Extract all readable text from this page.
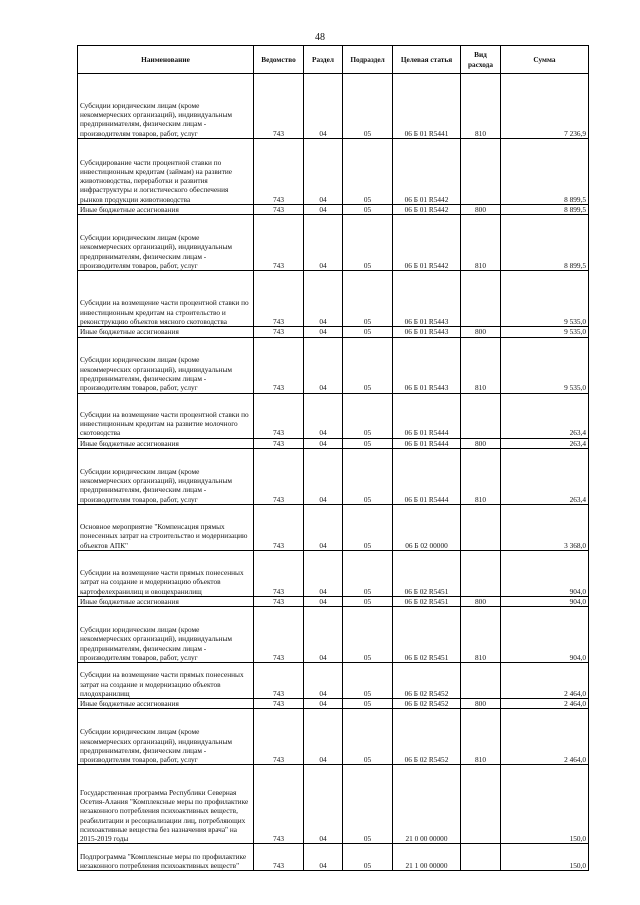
48
Наименование	Ведомство	Раздел	Подраздел	Целевая статья	Вид расхода	Сумма
Субсидии юридическим лицам (кроме некоммерческих организаций), индивидуальным предпринимателям, физическим лицам - производителям товаров, работ, услуг	743	04	05	06 Б 01 R5441	810	7 236,9
Субсидирование части процентной ставки по инвестиционным кредитам (займам) на развитие животноводства, переработки и развития инфраструктуры и логистического обеспечения рынков продукции животноводства	743	04	05	06 Б 01 R5442		8 899,5
Иные бюджетные ассигнования	743	04	05	06 Б 01 R5442	800	8 899,5
Субсидии юридическим лицам (кроме некоммерческих организаций), индивидуальным предпринимателям, физическим лицам - производителям товаров, работ, услуг	743	04	05	06 Б 01 R5442	810	8 899,5
Субсидии на возмещение части процентной ставки по инвестиционным кредитам на строительство и реконструкцию объектов мясного скотоводства	743	04	05	06 Б 01 R5443		9 535,0
Иные бюджетные ассигнования	743	04	05	06 Б 01 R5443	800	9 535,0
Субсидии юридическим лицам (кроме некоммерческих организаций), индивидуальным предпринимателям, физическим лицам - производителям товаров, работ, услуг	743	04	05	06 Б 01 R5443	810	9 535,0
Субсидии на возмещение части процентной ставки по инвестиционным кредитам на развитие молочного скотоводства	743	04	05	06 Б 01 R5444		263,4
Иные бюджетные ассигнования	743	04	05	06 Б 01 R5444	800	263,4
Субсидии юридическим лицам (кроме некоммерческих организаций), индивидуальным предпринимателям, физическим лицам - производителям товаров, работ, услуг	743	04	05	06 Б 01 R5444	810	263,4
Основное мероприятие "Компенсация прямых понесенных затрат на строительство и модернизацию объектов АПК"	743	04	05	06 Б 02 00000		3 368,0
Субсидии на возмещение части прямых понесенных затрат на создание и модернизацию объектов картофелехранилищ и овощехранилищ	743	04	05	06 Б 02 R5451		904,0
Иные бюджетные ассигнования	743	04	05	06 Б 02 R5451	800	904,0
Субсидии юридическим лицам (кроме некоммерческих организаций), индивидуальным предпринимателям, физическим лицам - производителям товаров, работ, услуг	743	04	05	06 Б 02 R5451	810	904,0
Субсидии на возмещение части прямых понесенных затрат на создание и модернизацию объектов плодохранилищ	743	04	05	06 Б 02 R5452		2 464,0
Иные бюджетные ассигнования	743	04	05	06 Б 02 R5452	800	2 464,0
Субсидии юридическим лицам (кроме некоммерческих организаций), индивидуальным предпринимателям, физическим лицам - производителям товаров, работ, услуг	743	04	05	06 Б 02 R5452	810	2 464,0
Государственная программа Республики Северная Осетия-Алания "Комплексные меры по профилактике незаконного потребления психоактивных веществ, реабилитации и ресоциализации лиц, потребляющих психоактивные вещества без назначения врача" на 2015-2019 годы	743	04	05	21 0 00 00000		150,0
Подпрограмма "Комплексные меры по профилактике незаконного потребления психоактивных веществ"	743	04	05	21 1 00 00000		150,0
